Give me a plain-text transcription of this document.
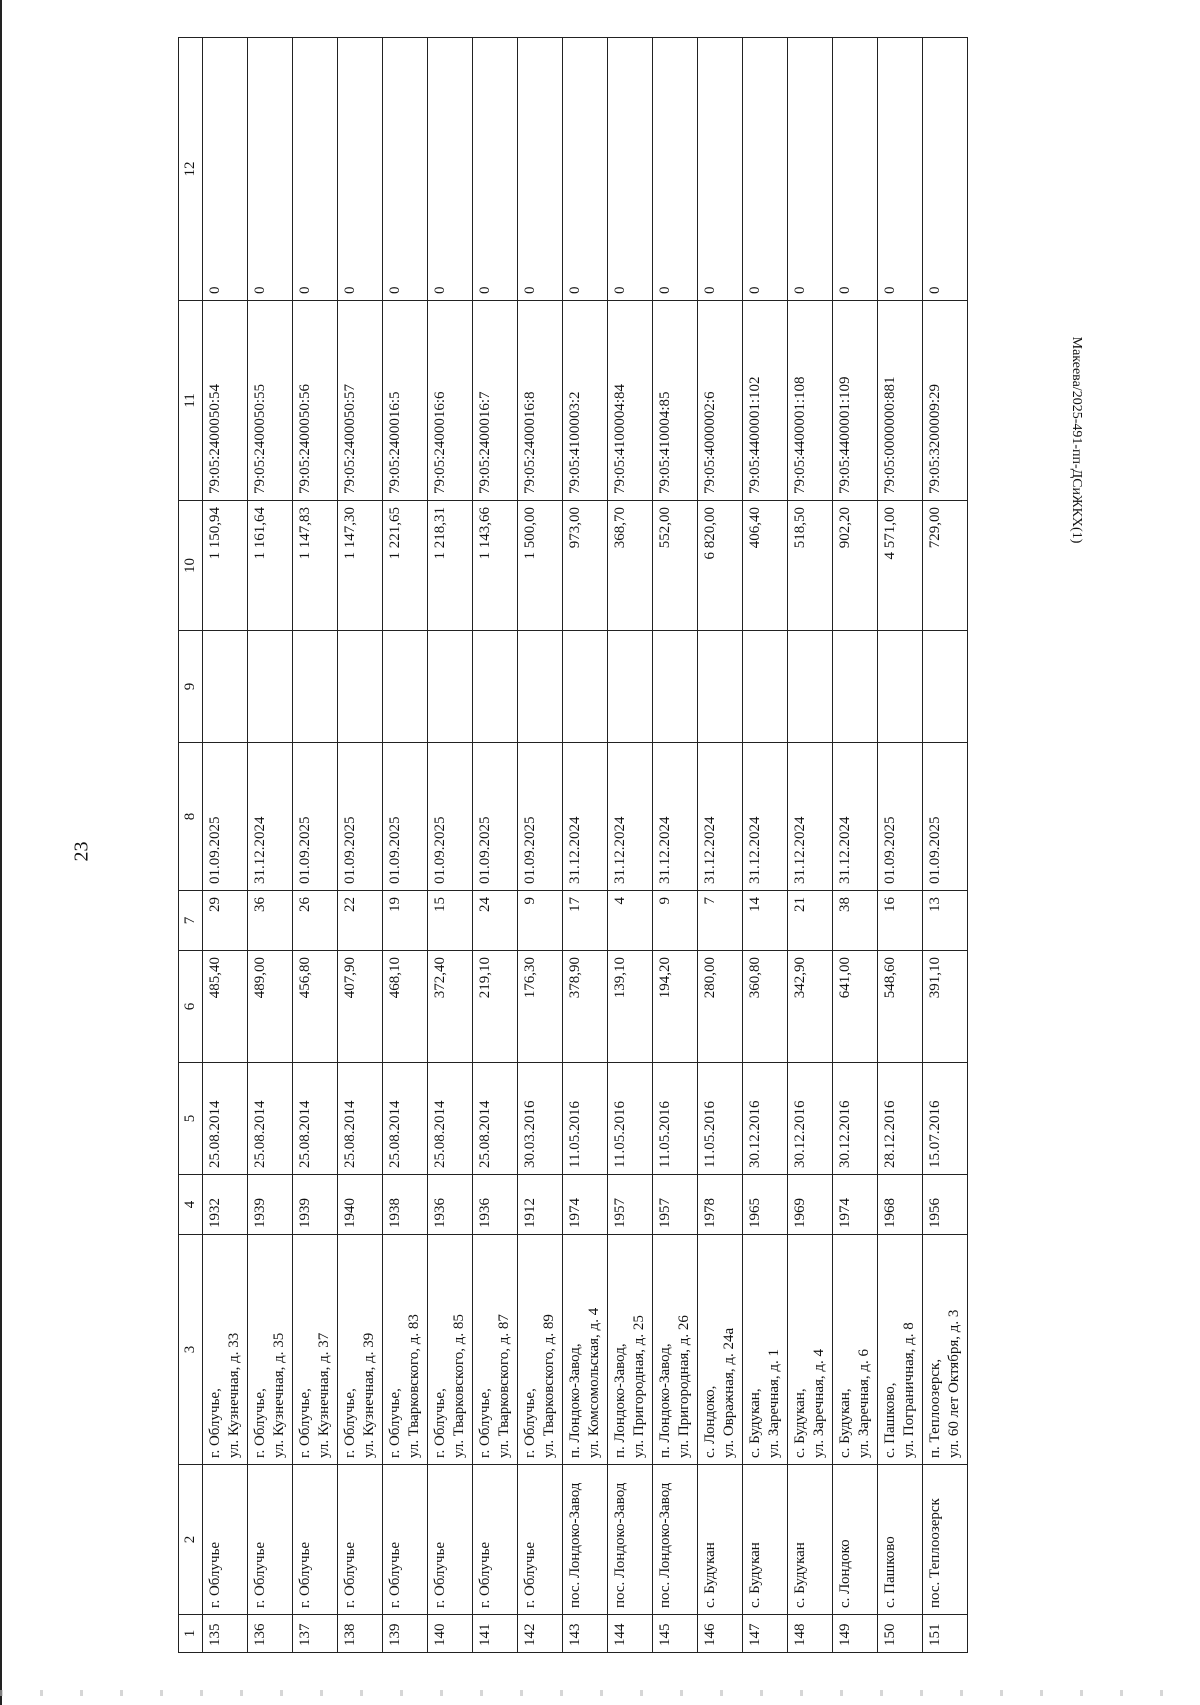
23
1	2	3	4	5	6	7	8	9	10	11	12
135	г. Облучье	г. Облучье, ул. Кузнечная, д. 33	1932	25.08.2014	485,40	29	01.09.2025		1 150,94	79:05:2400050:54	0
136	г. Облучье	г. Облучье, ул. Кузнечная, д. 35	1939	25.08.2014	489,00	36	31.12.2024		1 161,64	79:05:2400050:55	0
137	г. Облучье	г. Облучье, ул. Кузнечная, д. 37	1939	25.08.2014	456,80	26	01.09.2025		1 147,83	79:05:2400050:56	0
138	г. Облучье	г. Облучье, ул. Кузнечная, д. 39	1940	25.08.2014	407,90	22	01.09.2025		1 147,30	79:05:2400050:57	0
139	г. Облучье	г. Облучье, ул. Тварковского, д. 83	1938	25.08.2014	468,10	19	01.09.2025		1 221,65	79:05:2400016:5	0
140	г. Облучье	г. Облучье, ул. Тварковского, д. 85	1936	25.08.2014	372,40	15	01.09.2025		1 218,31	79:05:2400016:6	0
141	г. Облучье	г. Облучье, ул. Тварковского, д. 87	1936	25.08.2014	219,10	24	01.09.2025		1 143,66	79:05:2400016:7	0
142	г. Облучье	г. Облучье, ул. Тварковского, д. 89	1912	30.03.2016	176,30	9	01.09.2025		1 500,00	79:05:2400016:8	0
143	пос. Лондоко-Завод	п. Лондоко-Завод, ул. Комсомольская, д. 4	1974	11.05.2016	378,90	17	31.12.2024		973,00	79:05:4100003:2	0
144	пос. Лондоко-Завод	п. Лондоко-Завод, ул. Пригородная, д. 25	1957	11.05.2016	139,10	4	31.12.2024		368,70	79:05:4100004:84	0
145	пос. Лондоко-Завод	п. Лондоко-Завод, ул. Пригородная, д. 26	1957	11.05.2016	194,20	9	31.12.2024		552,00	79:05:410004:85	0
146	с. Будукан	с. Лондоко, ул. Овражная, д. 24а	1978	11.05.2016	280,00	7	31.12.2024		6 820,00	79:05:4000002:6	0
147	с. Будукан	с. Будукан, ул. Заречная, д. 1	1965	30.12.2016	360,80	14	31.12.2024		406,40	79:05:4400001:102	0
148	с. Будукан	с. Будукан, ул. Заречная, д. 4	1969	30.12.2016	342,90	21	31.12.2024		518,50	79:05:4400001:108	0
149	с. Лондоко	с. Будукан, ул. Заречная, д. 6	1974	30.12.2016	641,00	38	31.12.2024		902,20	79:05:4400001:109	0
150	с. Пашково	с. Пашково, ул. Пограничная, д. 8	1968	28.12.2016	548,60	16	01.09.2025		4 571,00	79:05:0000000:881	0
151	пос. Теплоозерск	п. Теплоозерск, ул. 60 лет Октября, д. 3	1956	15.07.2016	391,10	13	01.09.2025		729,00	79:05:3200009:29	0
Макеева/2025-491-пп-ДСиЖКХ(1)
